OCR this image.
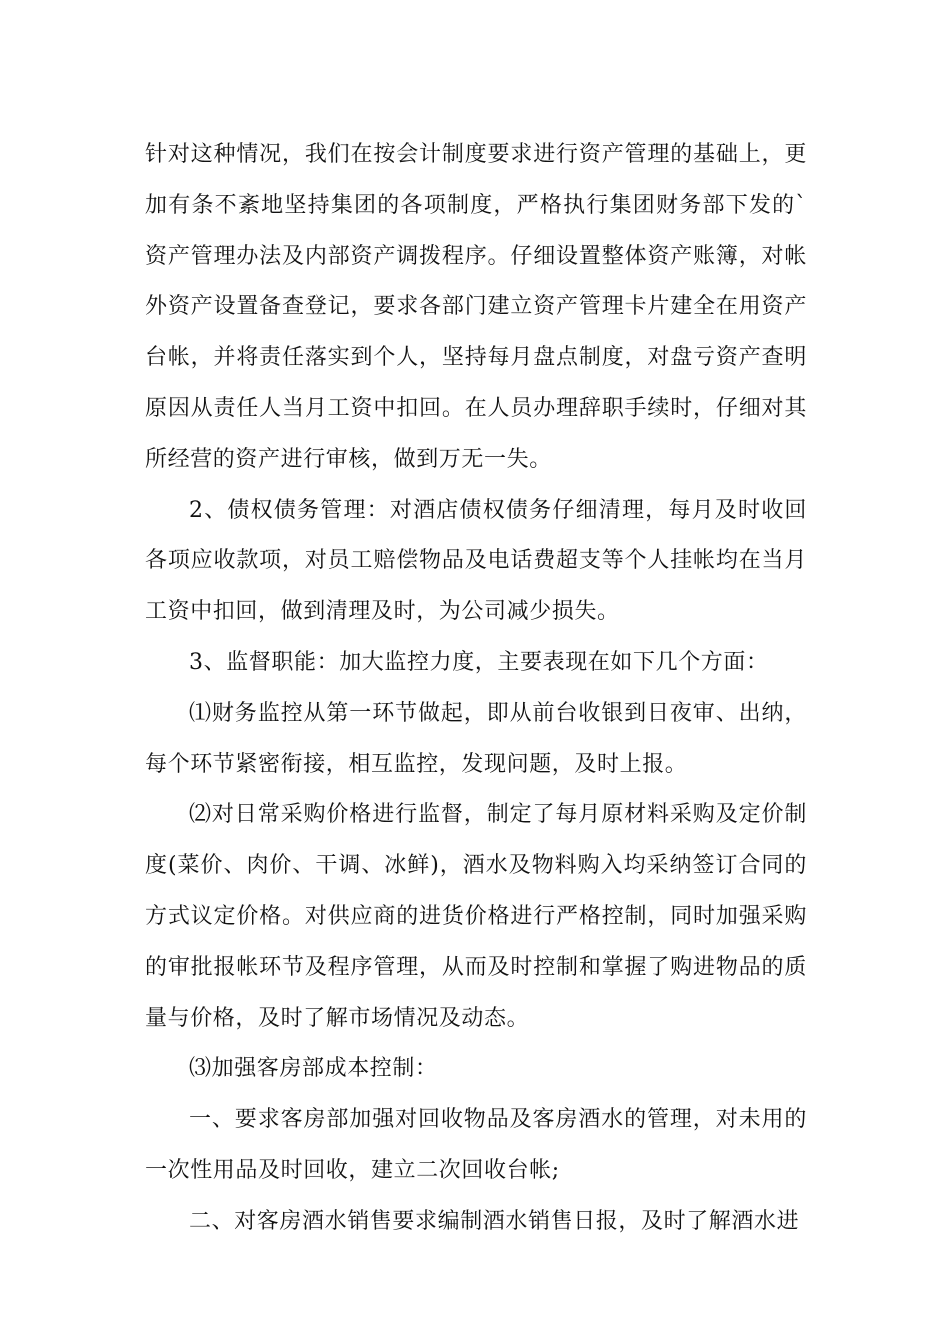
针对这种情况，我们在按会计制度要求进行资产管理的基础上，更加有条不紊地坚持集团的各项制度，严格执行集团财务部下发的`资产管理办法及内部资产调拨程序。仔细设置整体资产账簿，对帐外资产设置备查登记，要求各部门建立资产管理卡片建全在用资产台帐，并将责任落实到个人，坚持每月盘点制度，对盘亏资产查明原因从责任人当月工资中扣回。在人员办理辞职手续时，仔细对其所经营的资产进行审核，做到万无一失。

2、债权债务管理：对酒店债权债务仔细清理，每月及时收回各项应收款项，对员工赔偿物品及电话费超支等个人挂帐均在当月工资中扣回，做到清理及时，为公司减少损失。

3、监督职能：加大监控力度，主要表现在如下几个方面：

⑴财务监控从第一环节做起，即从前台收银到日夜审、出纳，每个环节紧密衔接，相互监控，发现问题，及时上报。

⑵对日常采购价格进行监督，制定了每月原材料采购及定价制度(菜价、肉价、干调、冰鲜)，酒水及物料购入均采纳签订合同的方式议定价格。对供应商的进货价格进行严格控制，同时加强采购的审批报帐环节及程序管理，从而及时控制和掌握了购进物品的质量与价格，及时了解市场情况及动态。

⑶加强客房部成本控制：

一、要求客房部加强对回收物品及客房酒水的管理，对未用的一次性用品及时回收，建立二次回收台帐;

二、对客房酒水销售要求编制酒水销售日报，及时了解酒水进
